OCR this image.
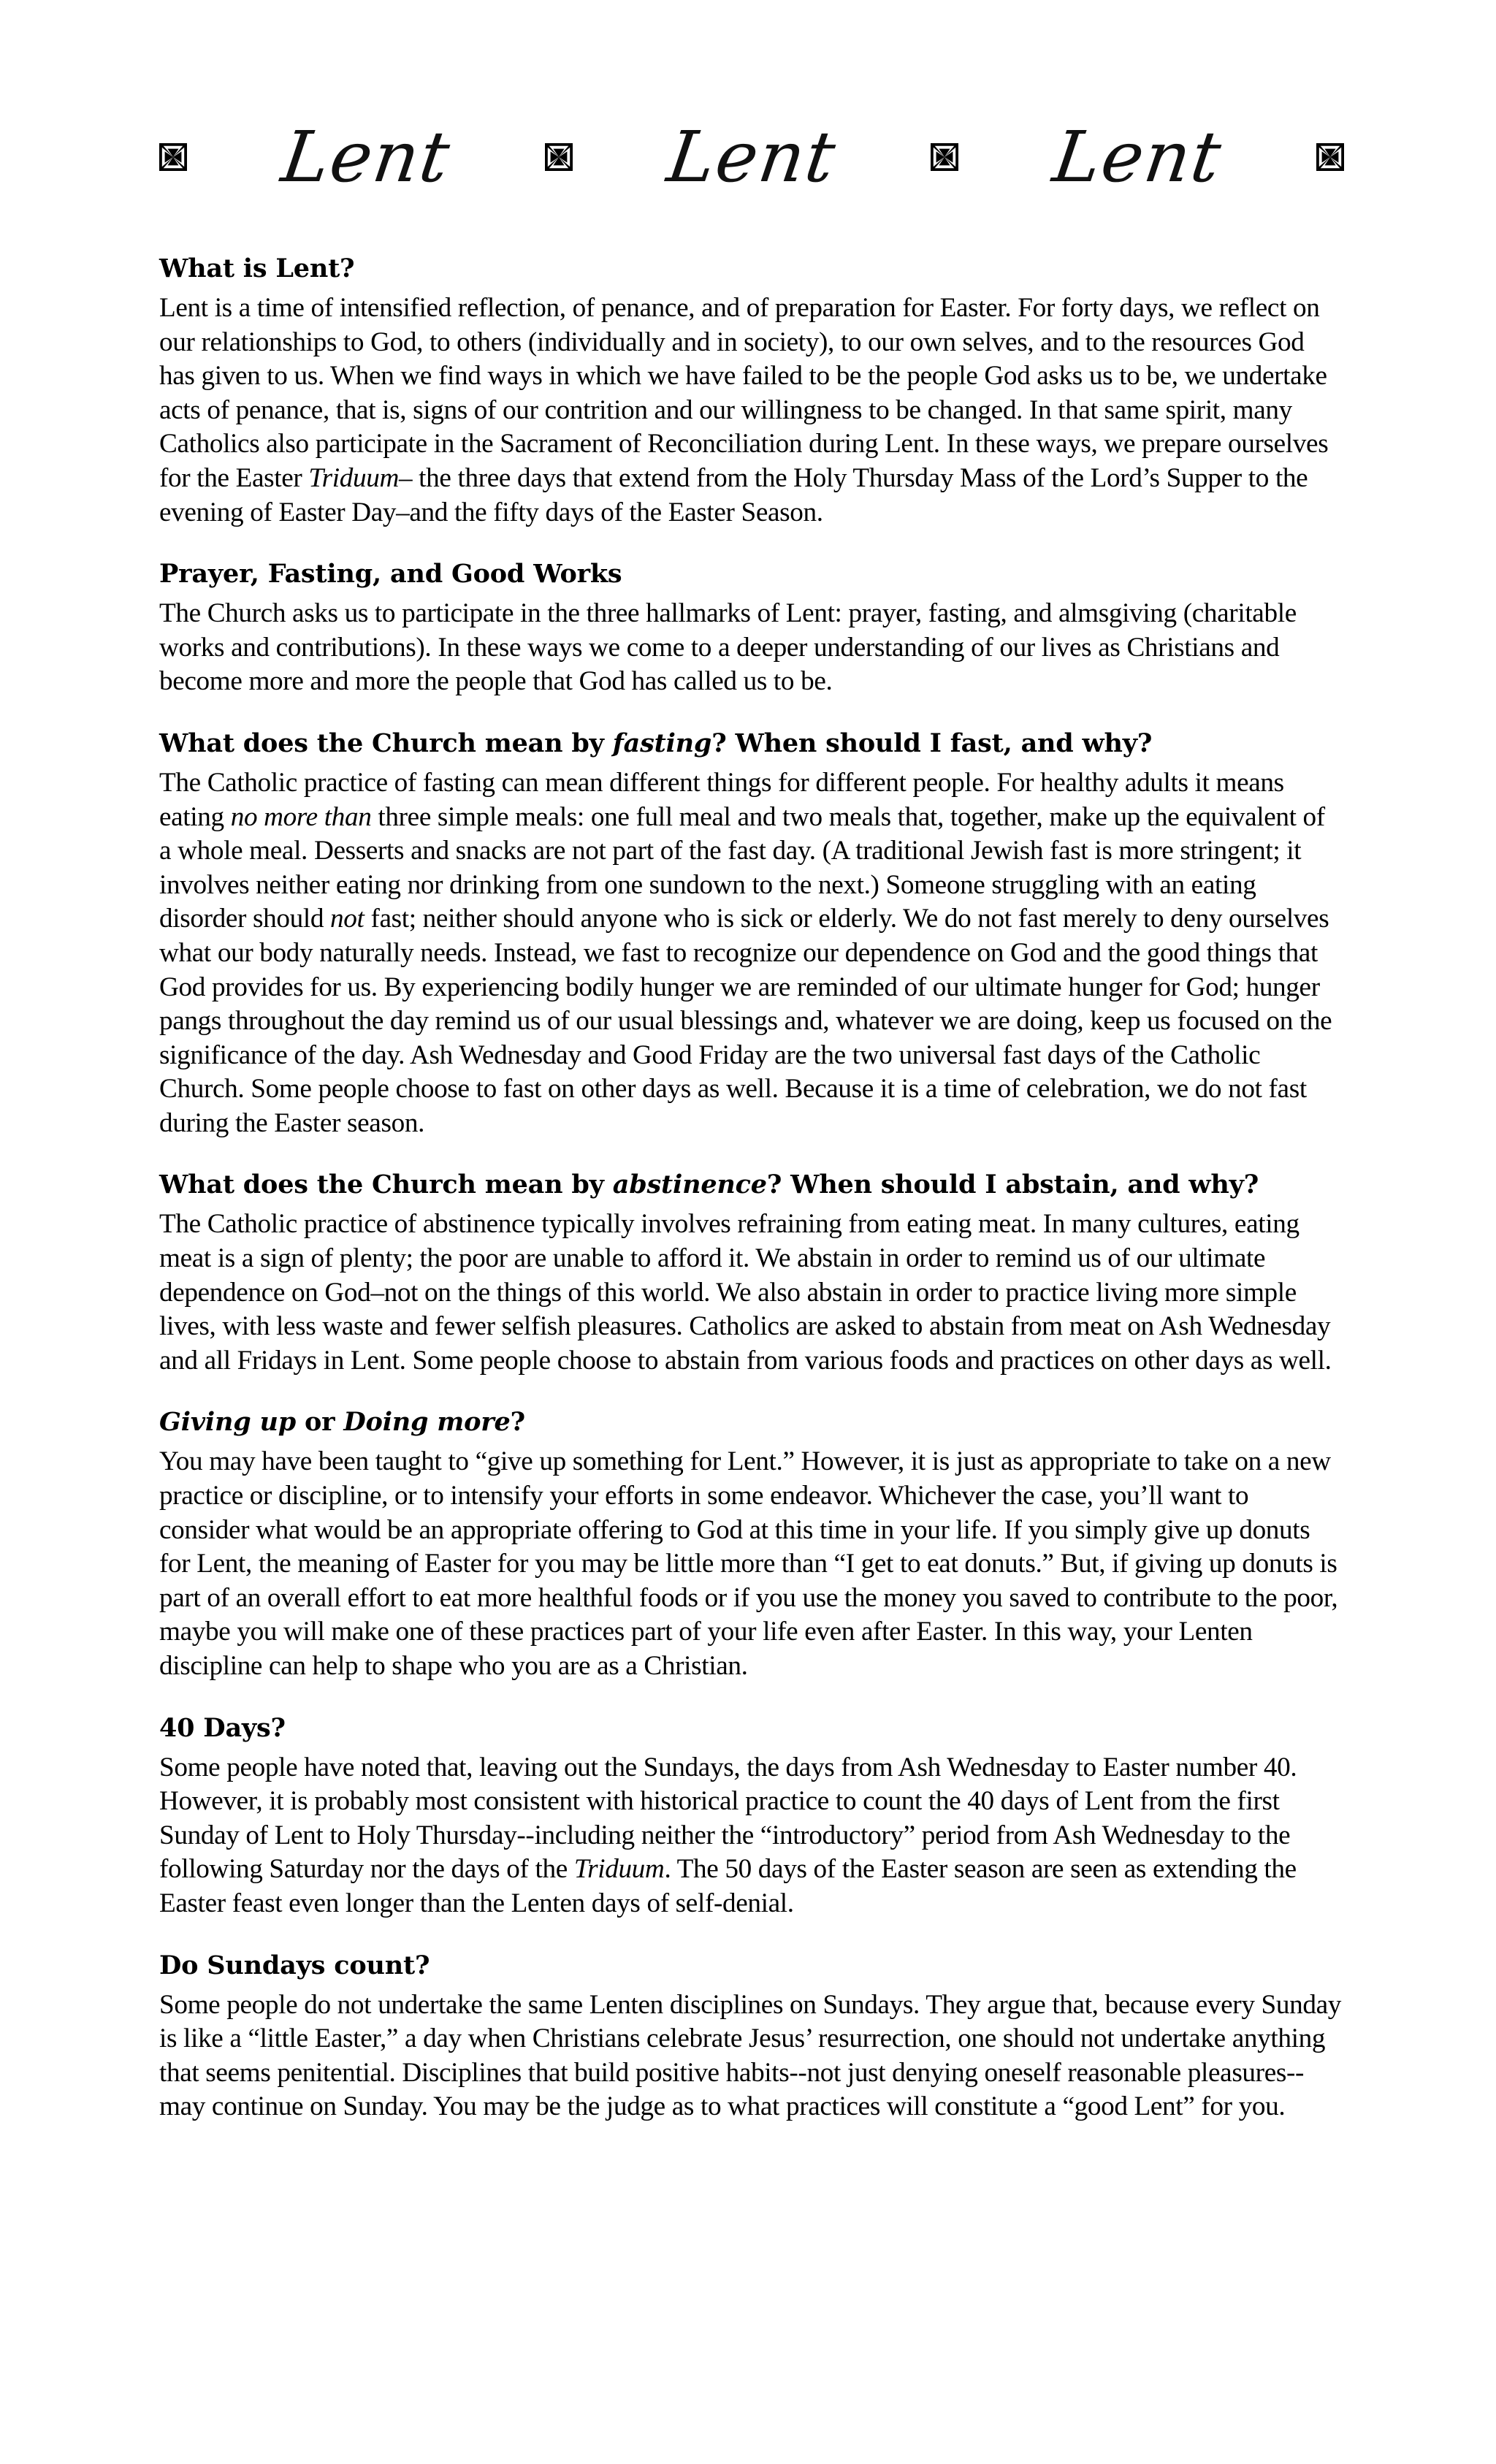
Lent	Lent	Lent
What is Lent?

Lent is a time of intensified reflection, of penance, and of preparation for Easter. For forty days, we reflect on our relationships to God, to others (individually and in society), to our own selves, and to the resources God has given to us. When we find ways in which we have failed to be the people God asks us to be, we undertake acts of penance, that is, signs of our contrition and our willingness to be changed. In that same spirit, many Catholics also participate in the Sacrament of Reconciliation during Lent. In these ways, we prepare ourselves for the Easter Triduum– the three days that extend from the Holy Thursday Mass of the Lord’s Supper to the evening of Easter Day–and the fifty days of the Easter Season.

Prayer, Fasting, and Good Works

The Church asks us to participate in the three hallmarks of Lent: prayer, fasting, and almsgiving (charitable works and contributions). In these ways we come to a deeper understanding of our lives as Christians and become more and more the people that God has called us to be.

What does the Church mean by fasting? When should I fast, and why?

The Catholic practice of fasting can mean different things for different people. For healthy adults it means eating no more than three simple meals: one full meal and two meals that, together, make up the equivalent of a whole meal. Desserts and snacks are not part of the fast day. (A traditional Jewish fast is more stringent; it involves neither eating nor drinking from one sundown to the next.) Someone struggling with an eating disorder should not fast; neither should anyone who is sick or elderly. We do not fast merely to deny ourselves what our body naturally needs. Instead, we fast to recognize our dependence on God and the good things that God provides for us. By experiencing bodily hunger we are reminded of our ultimate hunger for God; hunger pangs throughout the day remind us of our usual blessings and, whatever we are doing, keep us focused on the significance of the day. Ash Wednesday and Good Friday are the two universal fast days of the Catholic Church. Some people choose to fast on other days as well. Because it is a time of celebration, we do not fast during the Easter season.

What does the Church mean by abstinence? When should I abstain, and why?

The Catholic practice of abstinence typically involves refraining from eating meat. In many cultures, eating meat is a sign of plenty; the poor are unable to afford it. We abstain in order to remind us of our ultimate dependence on God–not on the things of this world. We also abstain in order to practice living more simple lives, with less waste and fewer selfish pleasures. Catholics are asked to abstain from meat on Ash Wednesday and all Fridays in Lent. Some people choose to abstain from various foods and practices on other days as well.

Giving up or Doing more?

You may have been taught to “give up something for Lent.” However, it is just as appropriate to take on a new practice or discipline, or to intensify your efforts in some endeavor. Whichever the case, you’ll want to consider what would be an appropriate offering to God at this time in your life. If you simply give up donuts for Lent, the meaning of Easter for you may be little more than “I get to eat donuts.” But, if giving up donuts is part of an overall effort to eat more healthful foods or if you use the money you saved to contribute to the poor, maybe you will make one of these practices part of your life even after Easter. In this way, your Lenten discipline can help to shape who you are as a Christian.

40 Days?

Some people have noted that, leaving out the Sundays, the days from Ash Wednesday to Easter number 40. However, it is probably most consistent with historical practice to count the 40 days of Lent from the first Sunday of Lent to Holy Thursday--including neither the “introductory” period from Ash Wednesday to the following Saturday nor the days of the Triduum. The 50 days of the Easter season are seen as extending the Easter feast even longer than the Lenten days of self-denial.

Do Sundays count?

Some people do not undertake the same Lenten disciplines on Sundays. They argue that, because every Sunday is like a “little Easter,” a day when Christians celebrate Jesus’ resurrection, one should not undertake anything that seems penitential. Disciplines that build positive habits--not just denying oneself reasonable pleasures--may continue on Sunday. You may be the judge as to what practices will constitute a “good Lent” for you.
